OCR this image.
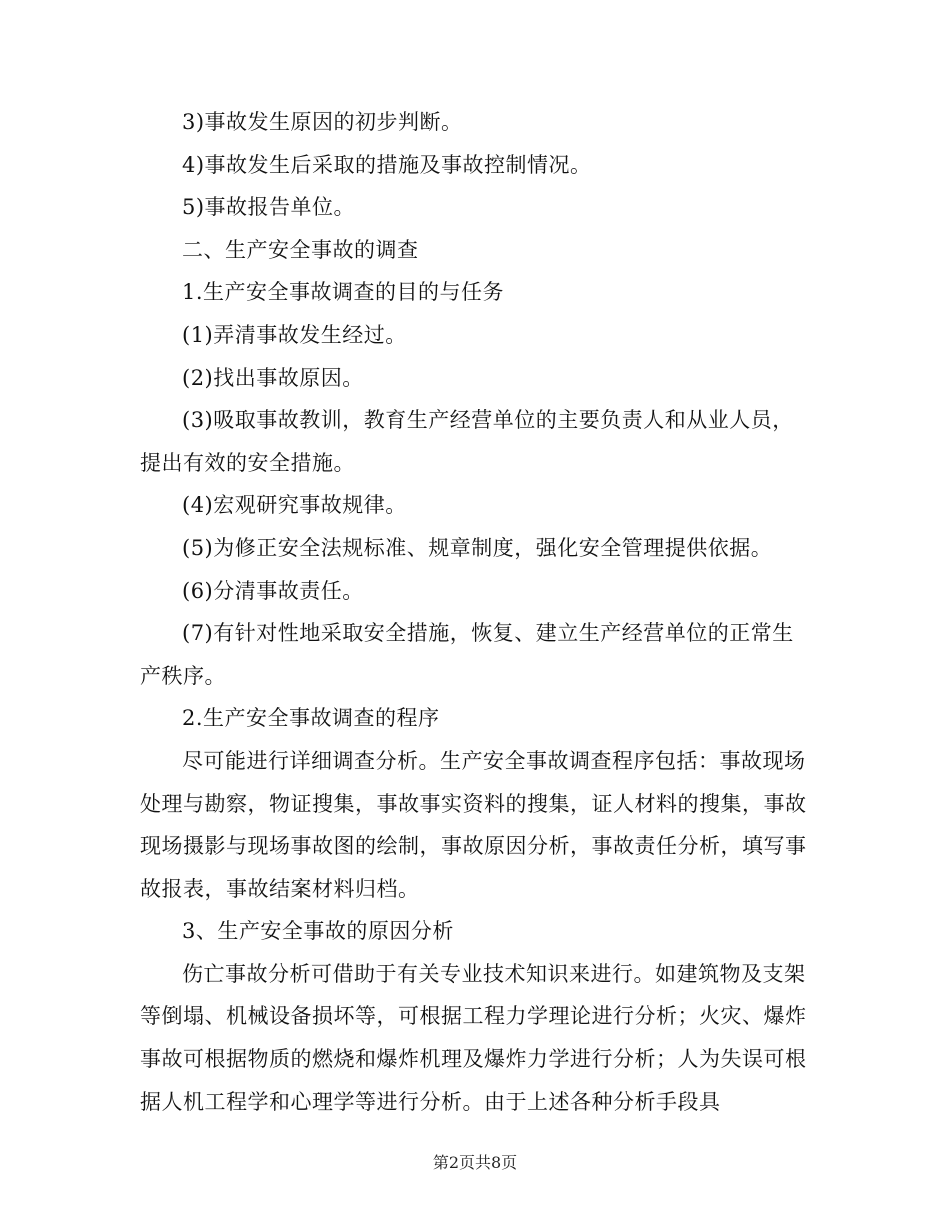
3)事故发生原因的初步判断。

4)事故发生后采取的措施及事故控制情况。

5)事故报告单位。

二、生产安全事故的调查

1.生产安全事故调查的目的与任务

(1)弄清事故发生经过。

(2)找出事故原因。

(3)吸取事故教训，教育生产经营单位的主要负责人和从业人员，提出有效的安全措施。

(4)宏观研究事故规律。

(5)为修正安全法规标准、规章制度，强化安全管理提供依据。

(6)分清事故责任。

(7)有针对性地采取安全措施，恢复、建立生产经营单位的正常生产秩序。

2.生产安全事故调查的程序

尽可能进行详细调查分析。生产安全事故调查程序包括：事故现场处理与勘察，物证搜集，事故事实资料的搜集，证人材料的搜集，事故现场摄影与现场事故图的绘制，事故原因分析，事故责任分析，填写事故报表，事故结案材料归档。

3、生产安全事故的原因分析

伤亡事故分析可借助于有关专业技术知识来进行。如建筑物及支架等倒塌、机械设备损坏等，可根据工程力学理论进行分析；火灾、爆炸事故可根据物质的燃烧和爆炸机理及爆炸力学进行分析；人为失误可根据人机工程学和心理学等进行分析。由于上述各种分析手段具

第2页共8页
